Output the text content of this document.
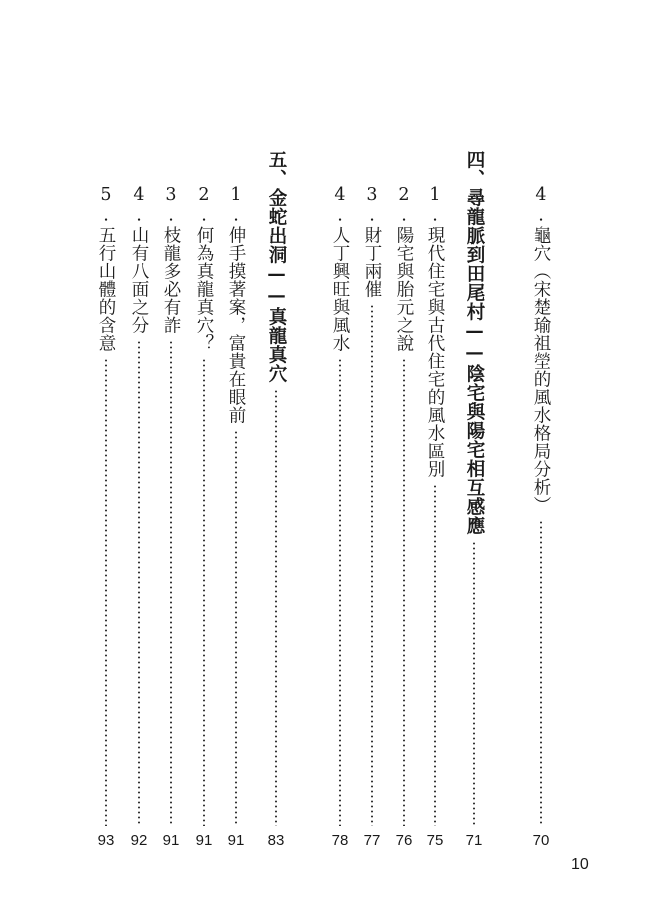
4.龜穴（宋楚瑜祖塋的風水格局分析）
70
四、尋龍脈到田尾村——陰宅與陽宅相互感應
71
1.現代住宅與古代住宅的風水區別
75
2.陽宅與胎元之說
76
3.財丁兩催
77
4.人丁興旺與風水
78
五、金蛇出洞——真龍真穴
83
1.伸手摸著案，富貴在眼前
91
2.何為真龍真穴？
91
3.枝龍多必有詐
91
4.山有八面之分
92
5.五行山體的含意
93
10
